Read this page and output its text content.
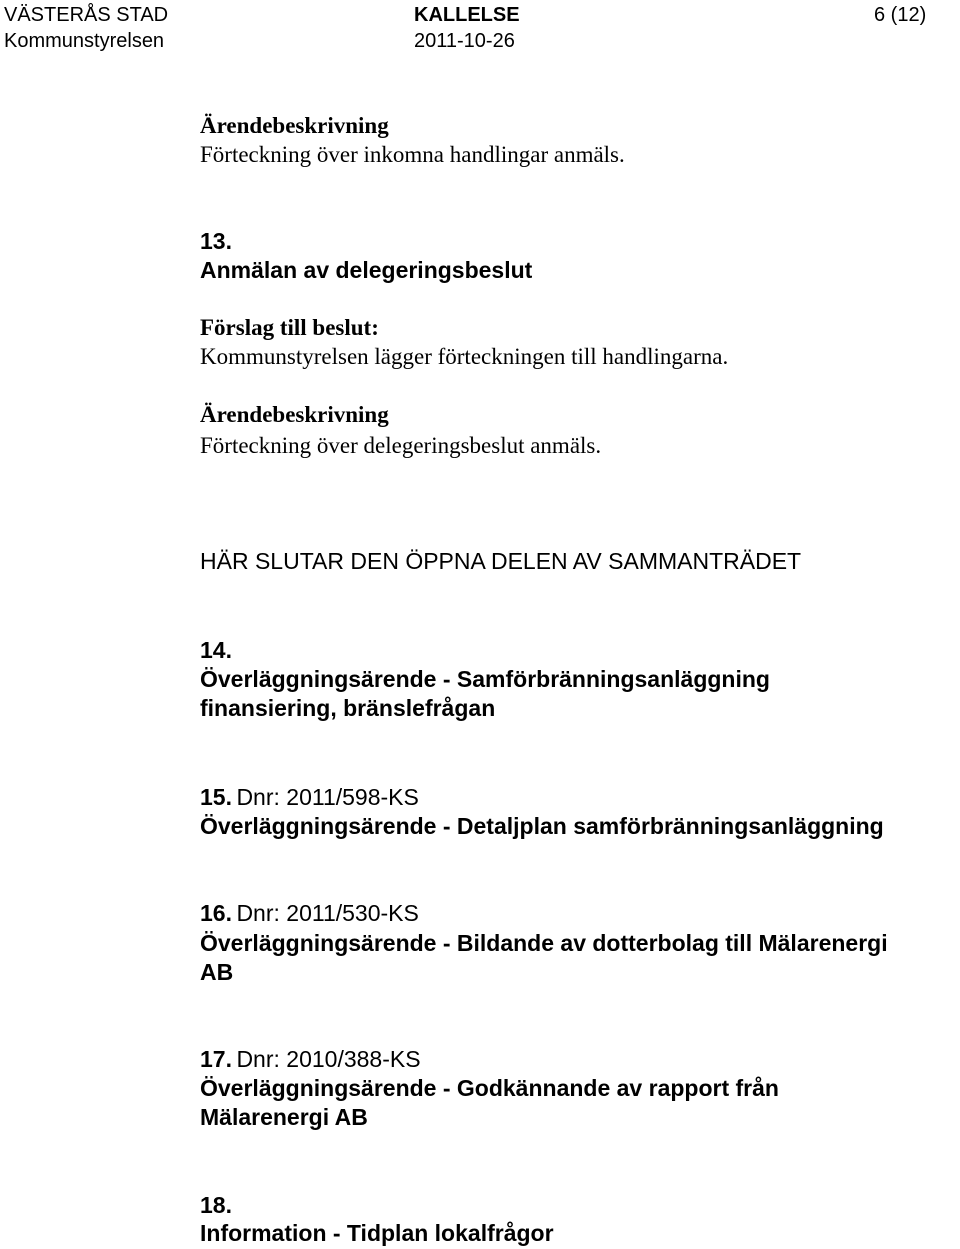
VÄSTERÅS STAD
Kommunstyrelsen
KALLELSE
2011-10-26
6 (12)
Ärendebeskrivning
Förteckning över inkomna handlingar anmäls.
13.
Anmälan av delegeringsbeslut
Förslag till beslut:
Kommunstyrelsen lägger förteckningen till handlingarna.
Ärendebeskrivning
Förteckning över delegeringsbeslut anmäls.
HÄR SLUTAR DEN ÖPPNA DELEN AV SAMMANTRÄDET
14.
Överläggningsärende - Samförbränningsanläggning
finansiering, bränslefrågan
15. Dnr: 2011/598-KS
Överläggningsärende - Detaljplan samförbränningsanläggning
16. Dnr: 2011/530-KS
Överläggningsärende - Bildande av dotterbolag till Mälarenergi
AB
17. Dnr: 2010/388-KS
Överläggningsärende - Godkännande av rapport från
Mälarenergi AB
18.
Information - Tidplan lokalfrågor
